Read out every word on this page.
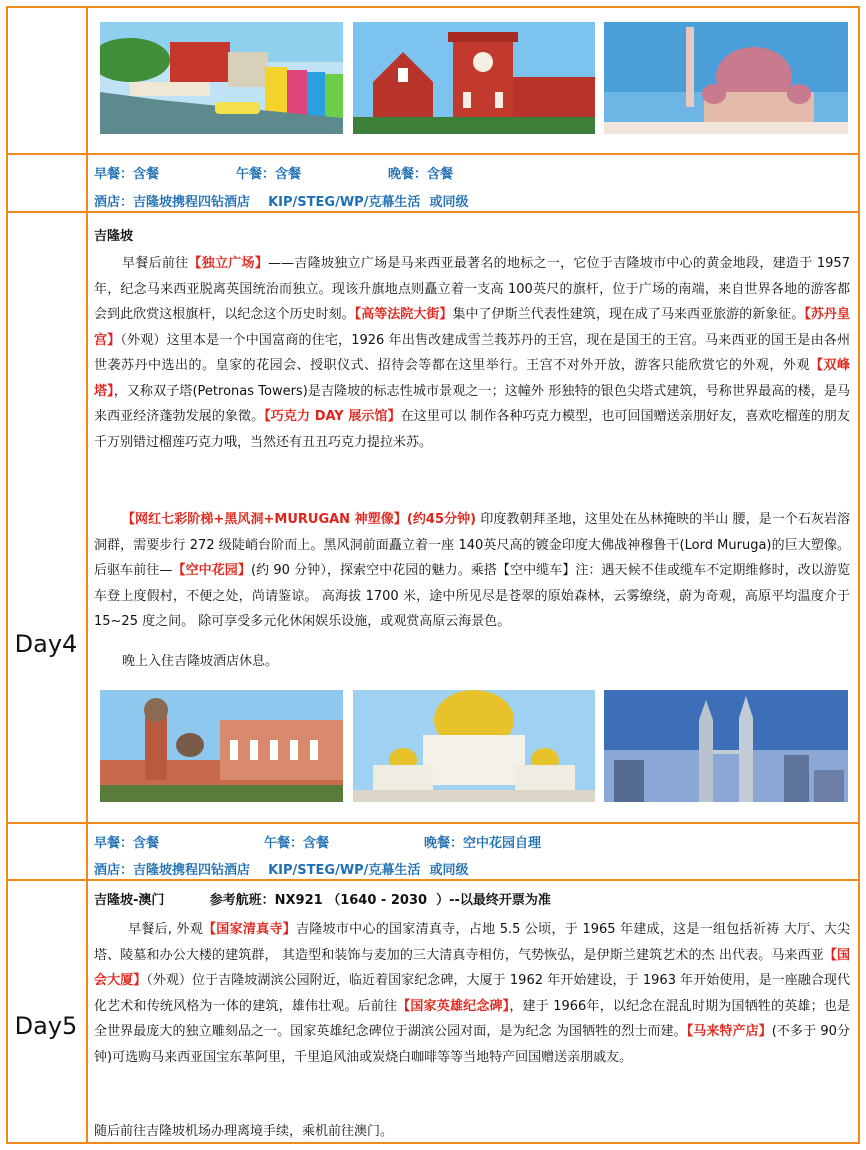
早餐：含餐	午餐：含餐	晚餐：含餐
酒店：吉隆坡携程四钻酒店    KIP/STEG/WP/克幕生活  或同级
Day4
吉隆坡

早餐后前往【独立广场】——吉隆坡独立广场是马来西亚最著名的地标之一，它位于吉隆坡市中心的黄金地段，建造于 1957 年，纪念马来西亚脱离英国统治而独立。现该升旗地点则矗立着一支高 100英尺的旗杆，位于广场的南端，来自世界各地的游客都会到此欣赏这根旗杆，以纪念这个历史时刻。【高等法院大街】集中了伊斯兰代表性建筑，现在成了马来西亚旅游的新象征。【苏丹皇宫】（外观）这里本是一个中国富商的住宅，1926 年出售改建成雪兰莪苏丹的王宫，现在是国王的王宫。马来西亚的国王是由各州世袭苏丹中选出的。皇家的花园会、授职仪式、招待会等都在这里举行。王宫不对外开放，游客只能欣赏它的外观，外观【双峰塔】，又称双子塔(Petronas Towers)是吉隆坡的标志性城市景观之一；这幢外 形独特的银色尖塔式建筑，号称世界最高的楼，是马来西亚经济蓬勃发展的象徵。【巧克力 DAY 展示馆】在这里可以 制作各种巧克力模型，也可回国赠送亲朋好友，喜欢吃榴莲的朋友千万别错过榴莲巧克力哦，当然还有丑丑巧克力提拉米苏。

【网红七彩阶梯+黑风洞+MURUGAN 神塑像】(约45分钟) 印度教朝拜圣地，这里处在丛林掩映的半山 腰，是一个石灰岩溶洞群，需要步行 272 级陡峭台阶而上。黑风洞前面矗立着一座 140英尺高的镀金印度大佛战神穆鲁干(Lord Muruga)的巨大塑像。后驱车前往—【空中花园】(约 90 分钟），探索空中花园的魅力。乘搭【空中缆车】注：遇天候不佳或缆车不定期维修时，改以游览车登上度假村，不便之处，尚请鉴谅。 高海拔 1700 米，途中所见尽是苍翠的原始森林，云雾缭绕，蔚为奇观，高原平均温度介于 15~25 度之间。 除可享受多元化休闲娱乐设施，或观赏高原云海景色。

晚上入住吉隆坡酒店休息。

早餐：含餐	午餐：含餐	晚餐：空中花园自理
酒店：吉隆坡携程四钻酒店    KIP/STEG/WP/克幕生活  或同级
Day5
吉隆坡-澳门          参考航班：NX921 （1640 - 2030  ）--以最终开票为准

早餐后, 外观【国家清真寺】吉隆坡市中心的国家清真寺，占地 5.5 公顷，于 1965 年建成，这是一组包括祈祷 大厅、大尖塔、陵墓和办公大楼的建筑群， 其造型和装饰与麦加的三大清真寺相仿，气势恢弘，是伊斯兰建筑艺术的杰 出代表。马来西亚【国会大厦】（外观）位于吉隆坡湖滨公园附近，临近着国家纪念碑，大厦于 1962 年开始建设，于 1963 年开始使用，是一座融合现代化艺术和传统风格为一体的建筑，雄伟壮观。后前往【国家英雄纪念碑】，建于 1966年，以纪念在混乱时期为国牺牲的英雄；也是全世界最庞大的独立雕刻品之一。国家英雄纪念碑位于湖滨公园对面，是为纪念 为国牺牲的烈士而建。【马来特产店】(不多于 90分钟)可选购马来西亚国宝东革阿里，千里追风油或炭烧白咖啡等等当地特产回国赠送亲朋戚友。

随后前往吉隆坡机场办理离境手续，乘机前往澳门。
